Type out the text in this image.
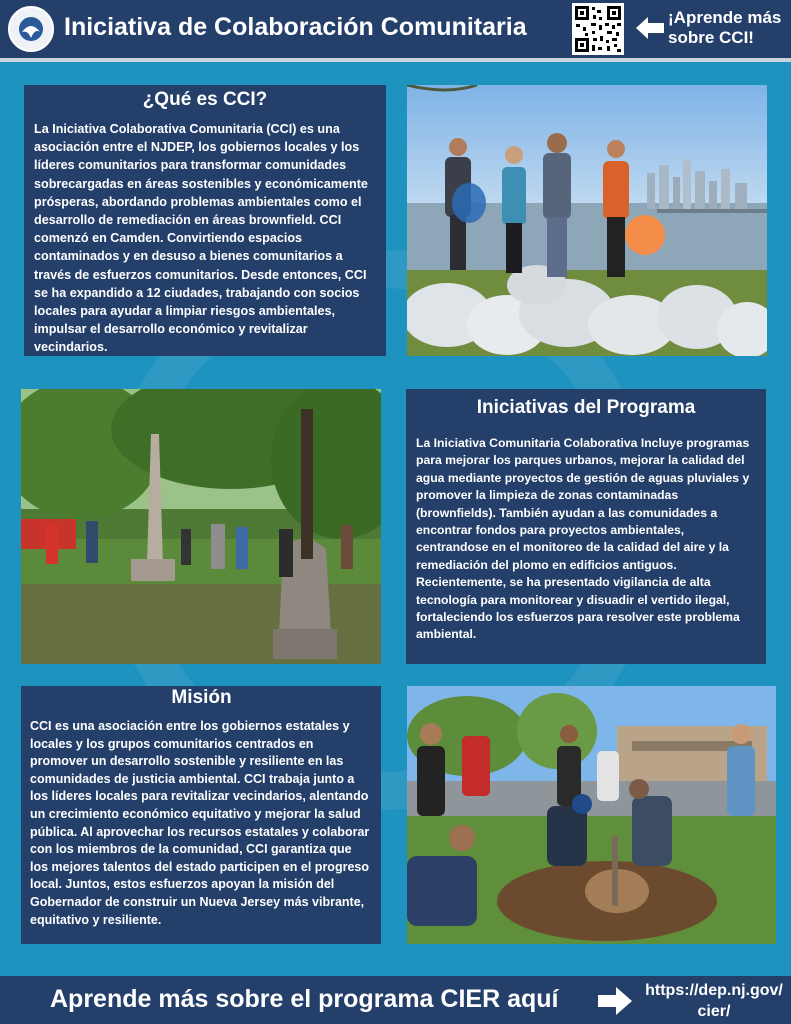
Iniciativa de Colaboración Comunitaria	¡Aprende más sobre CCI!
¿Qué es CCI?

La Iniciativa Colaborativa Comunitaria (CCI) es una asociación entre el NJDEP, los gobiernos locales y los líderes comunitarios para transformar comunidades sobrecargadas en áreas sostenibles y económicamente prósperas, abordando problemas ambientales como el desarrollo de remediación en áreas brownfield. CCI comenzó en Camden. Convirtiendo espacios contaminados y en desuso a bienes comunitarios a través de esfuerzos comunitarios. Desde entonces, CCI se ha expandido a 12 ciudades, trabajando con socios locales para ayudar a limpiar riesgos ambientales, impulsar el desarrollo económico y revitalizar vecindarios.

Iniciativas del Programa

La Iniciativa Comunitaria Colaborativa Incluye programas para mejorar los parques urbanos, mejorar la calidad del agua mediante proyectos de gestión de aguas pluviales y promover la limpieza de zonas contaminadas (brownfields). También ayudan a las comunidades a encontrar fondos para proyectos ambientales, centrandose en el monitoreo de la calidad del aire y la remediación del plomo en edificios antiguos. Recientemente, se ha presentado vigilancia de alta tecnología para monitorear y disuadir el vertido ilegal, fortaleciendo los esfuerzos para resolver este problema ambiental.

Misión

CCI es una asociación entre los gobiernos estatales y locales y los grupos comunitarios centrados en promover un desarrollo sostenible y resiliente en las comunidades de justicia ambiental. CCI trabaja junto a los líderes locales para revitalizar vecindarios, alentando un crecimiento económico equitativo y mejorar la salud pública. Al aprovechar los recursos estatales y colaborar con los miembros de la comunidad, CCI garantiza que los mejores talentos del estado participen en el progreso local. Juntos, estos esfuerzos apoyan la misión del Gobernador de construir un Nueva Jersey más vibrante, equitativo y resiliente.

Aprende más sobre el programa CIER aquí	https://dep.nj.gov/ cier/
